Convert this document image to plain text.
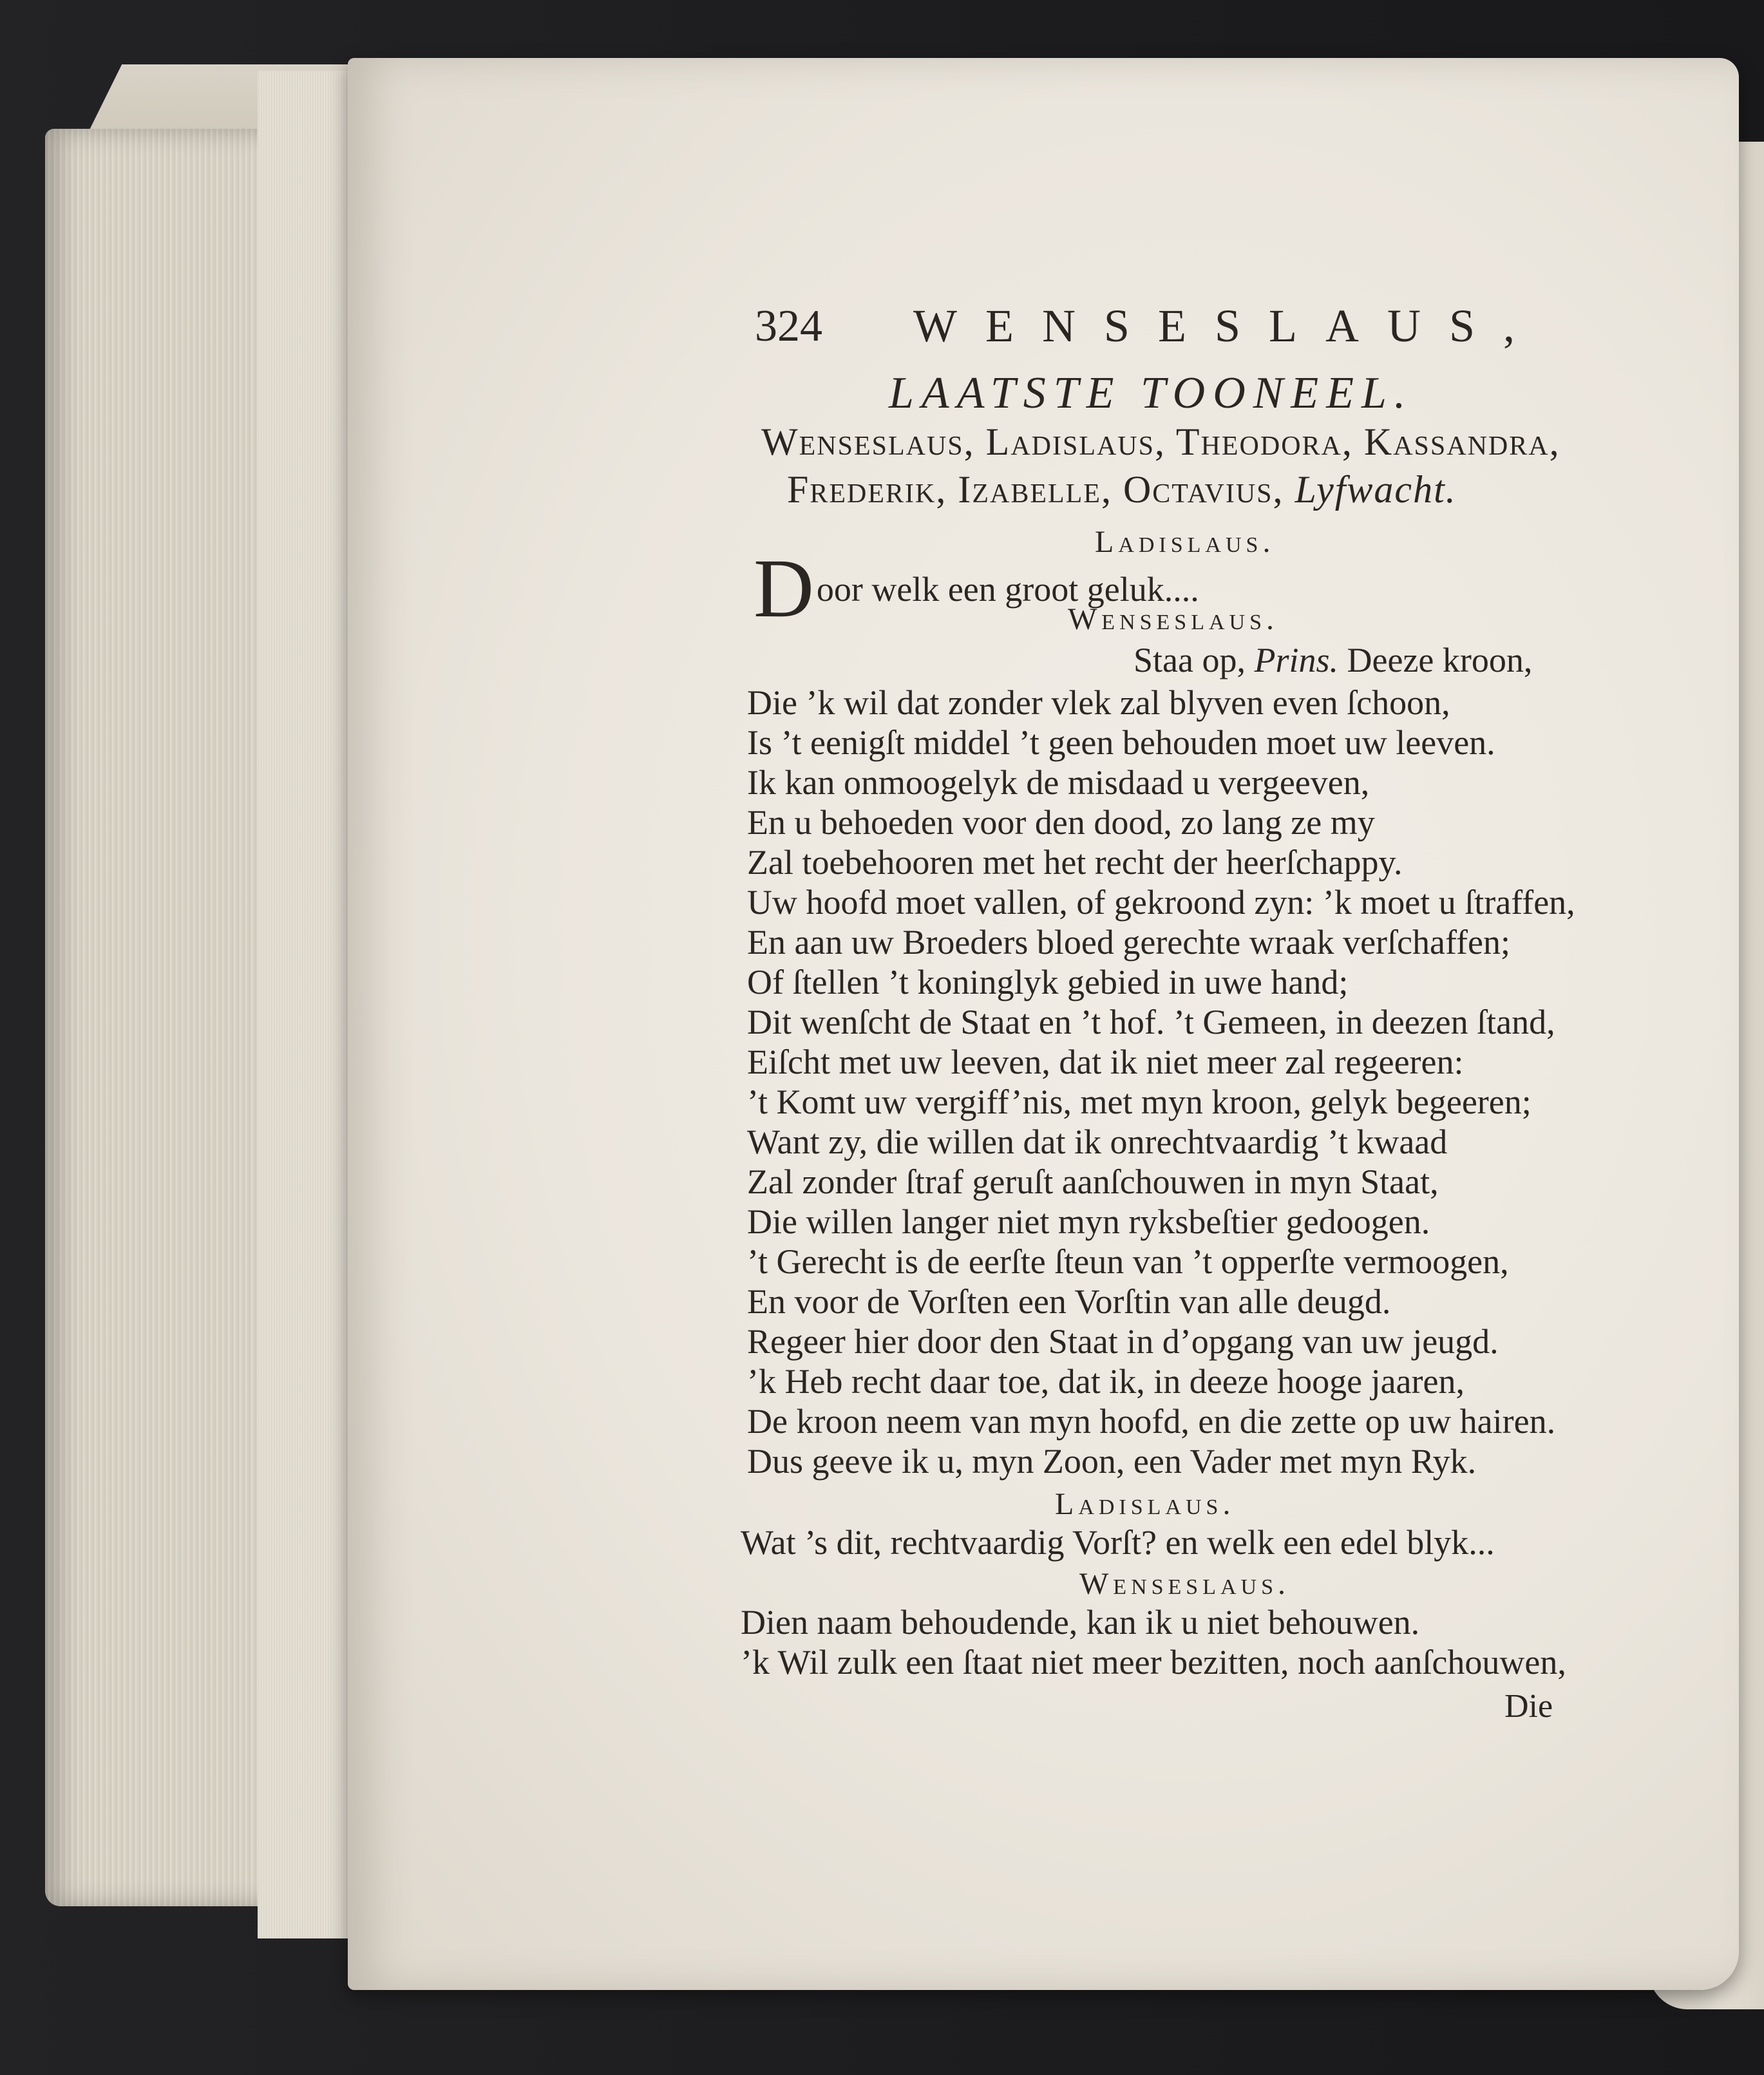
324 WENSESLAUS,
LAATSTE TOONEEL.
Wenseslaus, Ladislaus, Theodora, Kassandra,
Frederik, Izabelle, Octavius, Lyfwacht.
Ladislaus.
Door welk een groot geluk....
Wenseslaus.
Staa op, Prins. Deeze kroon,
Die ’k wil dat zonder vlek zal blyven even ſchoon,
Is ’t eenigſt middel ’t geen behouden moet uw leeven.
Ik kan onmoogelyk de misdaad u vergeeven,
En u behoeden voor den dood, zo lang ze my
Zal toebehooren met het recht der heerſchappy.
Uw hoofd moet vallen, of gekroond zyn: ’k moet u ſtraffen,
En aan uw Broeders bloed gerechte wraak verſchaffen;
Of ſtellen ’t koninglyk gebied in uwe hand;
Dit wenſcht de Staat en ’t hof. ’t Gemeen, in deezen ſtand,
Eiſcht met uw leeven, dat ik niet meer zal regeeren:
’t Komt uw vergiff’nis, met myn kroon, gelyk begeeren;
Want zy, die willen dat ik onrechtvaardig ’t kwaad
Zal zonder ſtraf geruſt aanſchouwen in myn Staat,
Die willen langer niet myn ryksbeſtier gedoogen.
’t Gerecht is de eerſte ſteun van ’t opperſte vermoogen,
En voor de Vorſten een Vorſtin van alle deugd.
Regeer hier door den Staat in d’opgang van uw jeugd.
’k Heb recht daar toe, dat ik, in deeze hooge jaaren,
De kroon neem van myn hoofd, en die zette op uw hairen.
Dus geeve ik u, myn Zoon, een Vader met myn Ryk.
Ladislaus.
Wat ’s dit, rechtvaardig Vorſt? en welk een edel blyk...
Wenseslaus.
Dien naam behoudende, kan ik u niet behouwen.
’k Wil zulk een ſtaat niet meer bezitten, noch aanſchouwen,
Die
